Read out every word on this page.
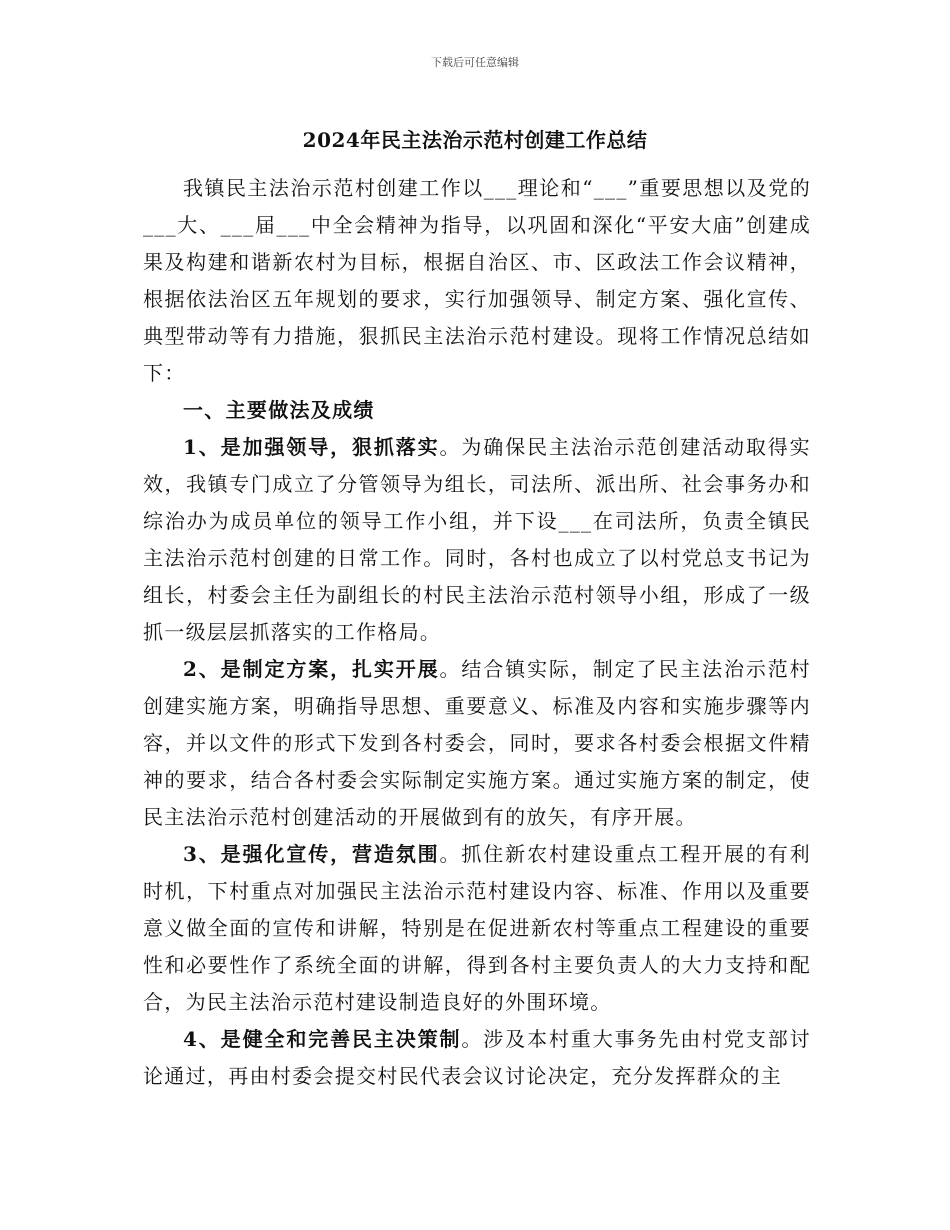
下载后可任意编辑
2024年民主法治示范村创建工作总结

我镇民主法治示范村创建工作以___理论和“___”重要思想以及党的___大、___届___中全会精神为指导，以巩固和深化“平安大庙”创建成果及构建和谐新农村为目标，根据自治区、市、区政法工作会议精神，根据依法治区五年规划的要求，实行加强领导、制定方案、强化宣传、典型带动等有力措施，狠抓民主法治示范村建设。现将工作情况总结如下：

一、主要做法及成绩

1、是加强领导，狠抓落实。为确保民主法治示范创建活动取得实效，我镇专门成立了分管领导为组长，司法所、派出所、社会事务办和综治办为成员单位的领导工作小组，并下设___在司法所，负责全镇民主法治示范村创建的日常工作。同时，各村也成立了以村党总支书记为组长，村委会主任为副组长的村民主法治示范村领导小组，形成了一级抓一级层层抓落实的工作格局。

2、是制定方案，扎实开展。结合镇实际，制定了民主法治示范村创建实施方案，明确指导思想、重要意义、标准及内容和实施步骤等内容，并以文件的形式下发到各村委会，同时，要求各村委会根据文件精神的要求，结合各村委会实际制定实施方案。通过实施方案的制定，使民主法治示范村创建活动的开展做到有的放矢，有序开展。

3、是强化宣传，营造氛围。抓住新农村建设重点工程开展的有利时机，下村重点对加强民主法治示范村建设内容、标准、作用以及重要意义做全面的宣传和讲解，特别是在促进新农村等重点工程建设的重要性和必要性作了系统全面的讲解，得到各村主要负责人的大力支持和配合，为民主法治示范村建设制造良好的外围环境。

4、是健全和完善民主决策制。涉及本村重大事务先由村党支部讨论通过，再由村委会提交村民代表会议讨论决定，充分发挥群众的主
